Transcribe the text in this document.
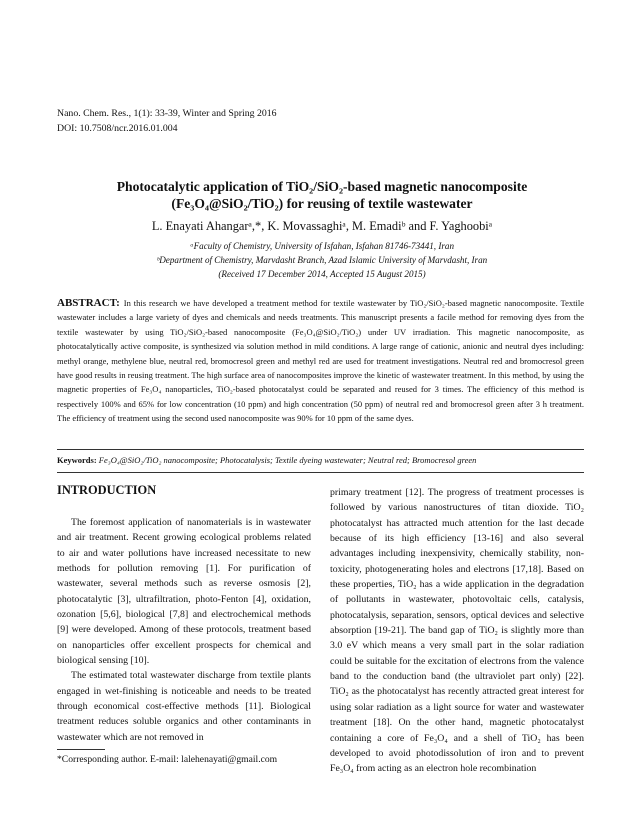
Nano. Chem. Res., 1(1): 33-39, Winter and Spring 2016
DOI: 10.7508/ncr.2016.01.004
Photocatalytic application of TiO₂/SiO₂-based magnetic nanocomposite
(Fe₃O₄@SiO₂/TiO₂) for reusing of textile wastewater
L. Enayati Ahangarᵃ,*, K. Movassaghiᵃ, M. Emadiᵇ and F. Yaghoobiᵃ
ᵃFaculty of Chemistry, University of Isfahan, Isfahan 81746-73441, Iran
ᵇDepartment of Chemistry, Marvdasht Branch, Azad Islamic University of Marvdasht, Iran
(Received 17 December 2014, Accepted 15 August 2015)
ABSTRACT: In this research we have developed a treatment method for textile wastewater by TiO₂/SiO₂-based magnetic nanocomposite. Textile wastewater includes a large variety of dyes and chemicals and needs treatments. This manuscript presents a facile method for removing dyes from the textile wastewater by using TiO₂/SiO₂-based nanocomposite (Fe₃O₄@SiO₂/TiO₂) under UV irradiation. This magnetic nanocomposite, as photocatalytically active composite, is synthesized via solution method in mild conditions. A large range of cationic, anionic and neutral dyes including: methyl orange, methylene blue, neutral red, bromocresol green and methyl red are used for treatment investigations. Neutral red and bromocresol green have good results in reusing treatment. The high surface area of nanocomposites improve the kinetic of wastewater treatment. In this method, by using the magnetic properties of Fe₃O₄ nanoparticles, TiO₂-based photocatalyst could be separated and reused for 3 times. The efficiency of this method is respectively 100% and 65% for low concentration (10 ppm) and high concentration (50 ppm) of neutral red and bromocresol green after 3 h treatment. The efficiency of treatment using the second used nanocomposite was 90% for 10 ppm of the same dyes.
Keywords: Fe₃O₄@SiO₂/TiO₂ nanocomposite; Photocatalysis; Textile dyeing wastewater; Neutral red; Bromocresol green
INTRODUCTION

The foremost application of nanomaterials is in wastewater and air treatment. Recent growing ecological problems related to air and water pollutions have increased necessitate to new methods for pollution removing [1]. For purification of wastewater, several methods such as reverse osmosis [2], photocatalytic [3], ultrafiltration, photo-Fenton [4], oxidation, ozonation [5,6], biological [7,8] and electrochemical methods [9] were developed. Among of these protocols, treatment based on nanoparticles offer excellent prospects for chemical and biological sensing [10].

The estimated total wastewater discharge from textile plants engaged in wet-finishing is noticeable and needs to be treated through economical cost-effective methods [11]. Biological treatment reduces soluble organics and other contaminants in wastewater which are not removed in

primary treatment [12]. The progress of treatment processes is followed by various nanostructures of titan dioxide. TiO₂ photocatalyst has attracted much attention for the last decade because of its high efficiency [13-16] and also several advantages including inexpensivity, chemically stability, non-toxicity, photogenerating holes and electrons [17,18]. Based on these properties, TiO₂ has a wide application in the degradation of pollutants in wastewater, photovoltaic cells, catalysis, photocatalysis, separation, sensors, optical devices and selective absorption [19-21]. The band gap of TiO₂ is slightly more than 3.0 eV which means a very small part in the solar radiation could be suitable for the excitation of electrons from the valence band to the conduction band (the ultraviolet part only) [22]. TiO₂ as the photocatalyst has recently attracted great interest for using solar radiation as a light source for water and wastewater treatment [18]. On the other hand, magnetic photocatalyst containing a core of Fe₃O₄ and a shell of TiO₂ has been developed to avoid photodissolution of iron and to prevent Fe₃O₄ from acting as an electron hole recombination

*Corresponding author. E-mail: lalehenayati@gmail.com
